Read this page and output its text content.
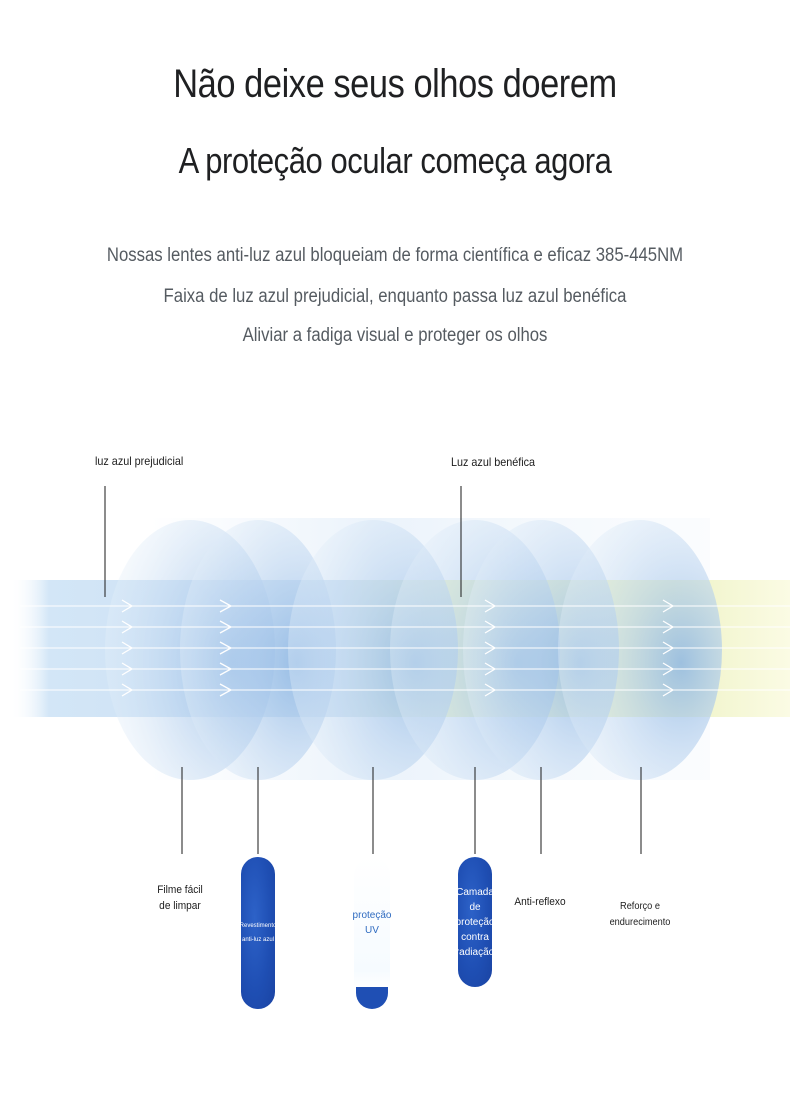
Não deixe seus olhos doerem
A proteção ocular começa agora

Nossas lentes anti-luz azul bloqueiam de forma científica e eficaz 385-445NM

Faixa de luz azul prejudicial, enquanto passa luz azul benéfica

Aliviar a fadiga visual e proteger os olhos

luz azul prejudicial	Luz azul benéfica
Filme fácil de limpar
Revestimento anti-luz azul
proteção UV
Camada de proteção contra radiação
Anti-reflexo	Reforço e endurecimento
